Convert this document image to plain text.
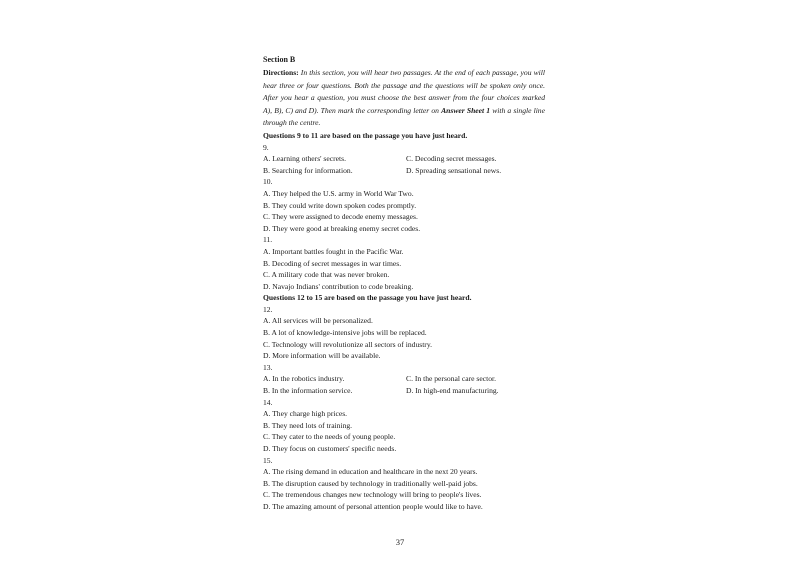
Section B
Directions: In this section, you will hear two passages. At the end of each passage, you will hear three or four questions. Both the passage and the questions will be spoken only once. After you hear a question, you must choose the best answer from the four choices marked A), B), C) and D). Then mark the corresponding letter on Answer Sheet 1 with a single line through the centre.
Questions 9 to 11 are based on the passage you have just heard.
9.
A. Learning others' secrets.
B. Searching for information.
C. Decoding secret messages.
D. Spreading sensational news.
10.
A. They helped the U.S. army in World War Two.
B. They could write down spoken codes promptly.
C. They were assigned to decode enemy messages.
D. They were good at breaking enemy secret codes.
11.
A. Important battles fought in the Pacific War.
B. Decoding of secret messages in war times.
C. A military code that was never broken.
D. Navajo Indians' contribution to code breaking.
Questions 12 to 15 are based on the passage you have just heard.
12.
A. All services will be personalized.
B. A lot of knowledge-intensive jobs will be replaced.
C. Technology will revolutionize all sectors of industry.
D. More information will be available.
13.
A. In the robotics industry.
B. In the information service.
C. In the personal care sector.
D. In high-end manufacturing.
14.
A. They charge high prices.
B. They need lots of training.
C. They cater to the needs of young people.
D. They focus on customers' specific needs.
15.
A. The rising demand in education and healthcare in the next 20 years.
B. The disruption caused by technology in traditionally well-paid jobs.
C. The tremendous changes new technology will bring to people's lives.
D. The amazing amount of personal attention people would like to have.
37
